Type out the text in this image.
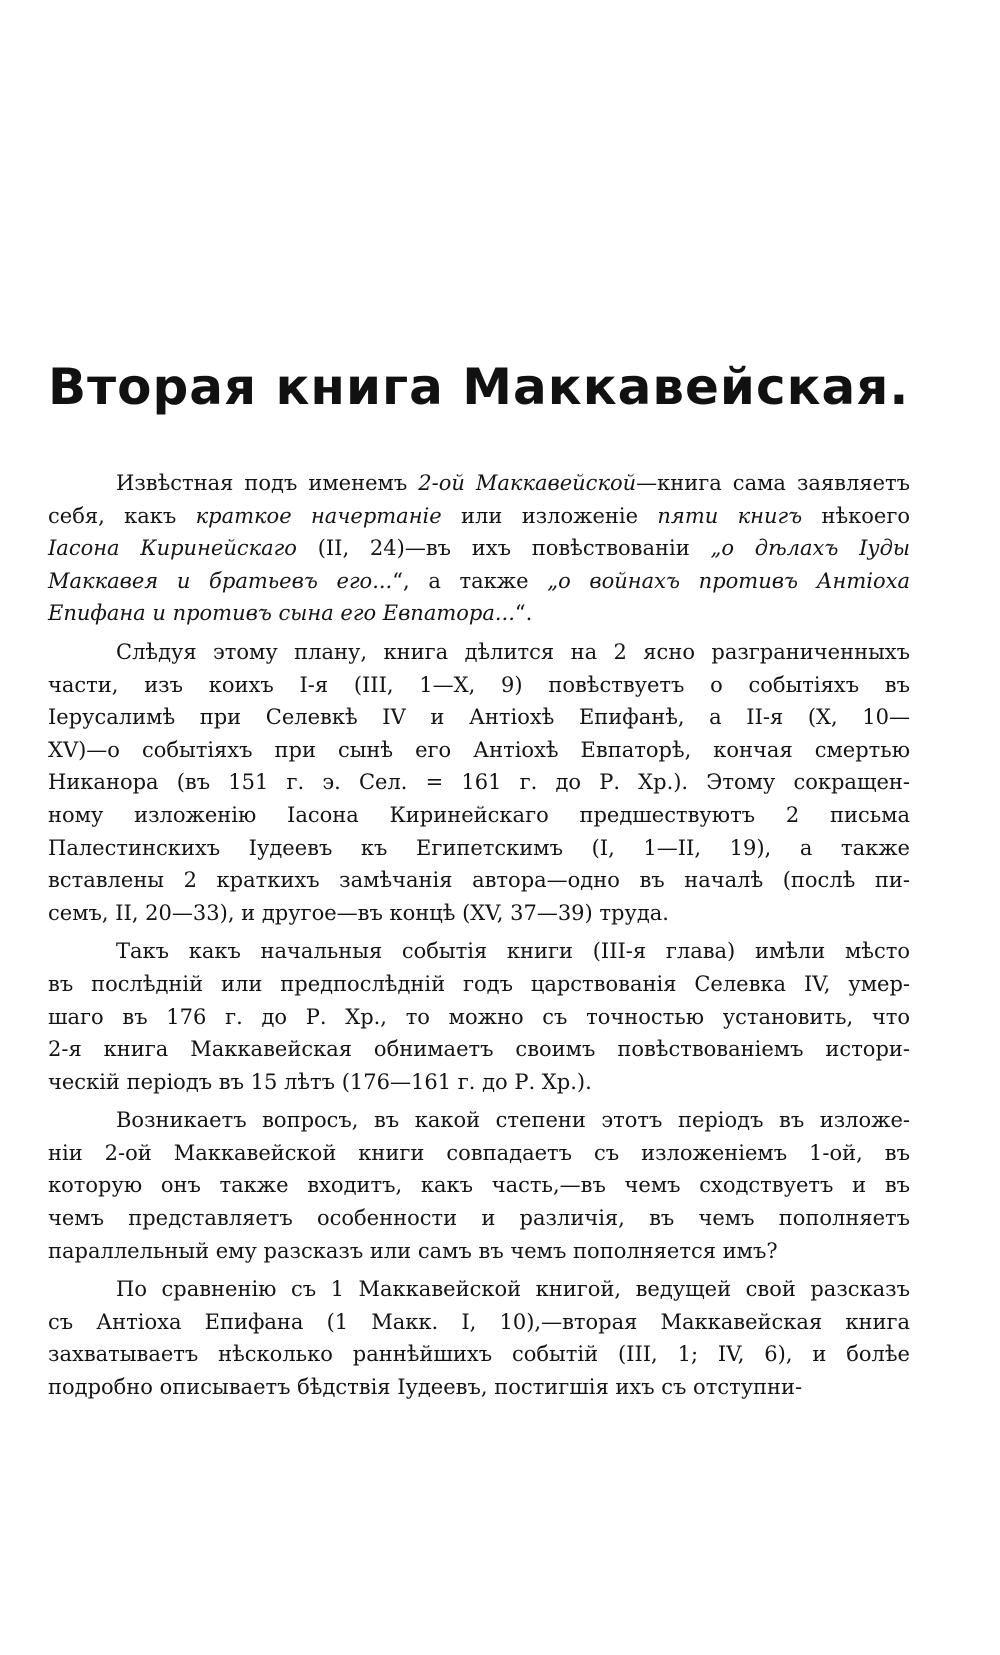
Вторая книга Маккавейская.
Извѣстная подъ именемъ 2-ой Маккавейской—книга сама заявляетъ
себя, какъ краткое начертаніе или изложеніе пяти книгъ нѣкоего
Іасона Киринейскаго (II, 24)—въ ихъ повѣствованіи „о дѣлахъ Іуды
Маккавея и братьевъ его...“, а также „о войнахъ противъ Антіоха
Епифана и противъ сына его Евпатора...“.
Слѣдуя этому плану, книга дѣлится на 2 ясно разграниченныхъ
части, изъ коихъ I-я (III, 1—X, 9) повѣствуетъ о событіяхъ въ
Іерусалимѣ при Селевкѣ IV и Антіохѣ Епифанѣ, а II-я (X, 10—
XV)—о событіяхъ при сынѣ его Антіохѣ Евпаторѣ, кончая смертью
Никанора (въ 151 г. э. Сел. = 161 г. до Р. Хр.). Этому сокращен-
ному изложенію Іасона Киринейскаго предшествуютъ 2 письма
Палестинскихъ Іудеевъ къ Египетскимъ (I, 1—II, 19), а также
вставлены 2 краткихъ замѣчанія автора—одно въ началѣ (послѣ пи-
семъ, II, 20—33), и другое—въ концѣ (XV, 37—39) труда.
Такъ какъ начальныя событія книги (III-я глава) имѣли мѣсто
въ послѣдній или предпослѣдній годъ царствованія Селевка IV, умер-
шаго въ 176 г. до Р. Хр., то можно съ точностью установить, что
2-я книга Маккавейская обнимаетъ своимъ повѣствованіемъ истори-
ческій періодъ въ 15 лѣтъ (176—161 г. до Р. Хр.).
Возникаетъ вопросъ, въ какой степени этотъ періодъ въ изложе-
ніи 2-ой Маккавейской книги совпадаетъ съ изложеніемъ 1-ой, въ
которую онъ также входитъ, какъ часть,—въ чемъ сходствуетъ и въ
чемъ представляетъ особенности и различія, въ чемъ пополняетъ
параллельный ему разсказъ или самъ въ чемъ пополняется имъ?
По сравненію съ 1 Маккавейской книгой, ведущей свой разсказъ
съ Антіоха Епифана (1 Макк. I, 10),—вторая Маккавейская книга
захватываетъ нѣсколько раннѣйшихъ событій (III, 1; IV, 6), и болѣе
подробно описываетъ бѣдствія Іудеевъ, постигшія ихъ съ отступни-
